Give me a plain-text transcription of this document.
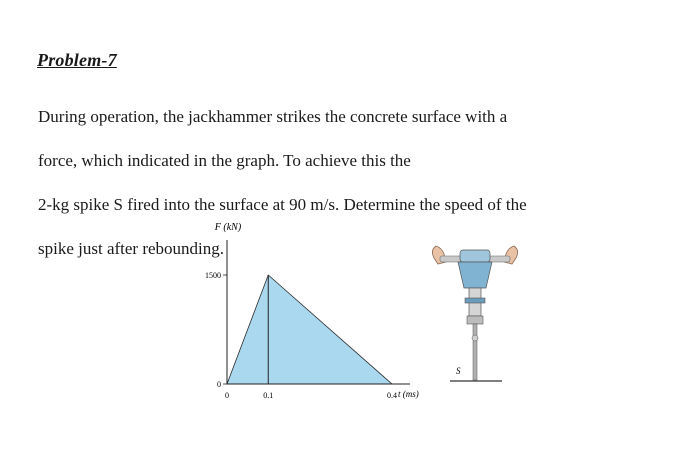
Problem-7

During operation, the jackhammer strikes the concrete surface with a

force, which indicated in the graph. To achieve this the

2-kg spike S fired into the surface at 90 m/s. Determine the speed of the

spike just after rebounding.

F (kN)
0
1500
0	0.1	0.4 t (ms)
S
